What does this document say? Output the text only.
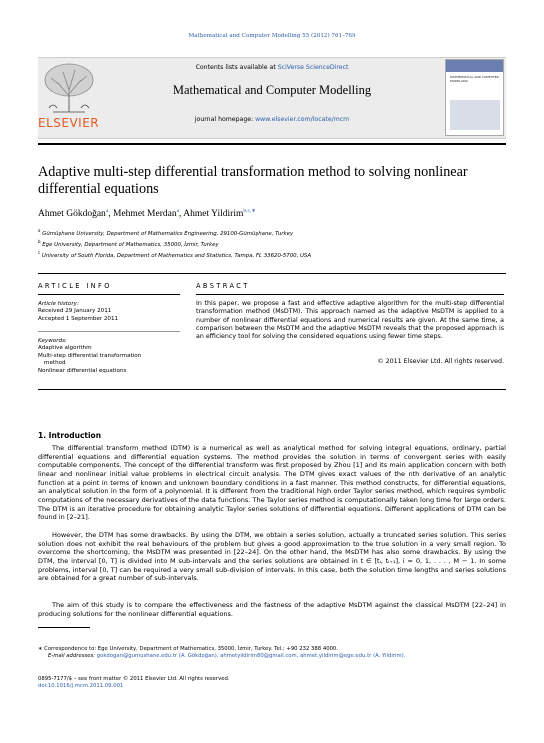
Mathematical and Computer Modelling 55 (2012) 761–769
ELSEVIER
Contents lists available at SciVerse ScienceDirect
Mathematical and Computer Modelling
journal homepage: www.elsevier.com/locate/mcm
MATHEMATICAL AND COMPUTER MODELLING
Adaptive multi-step differential transformation method to solving nonlinear differential equations
Ahmet Gökdoğan$^a$, Mehmet Merdan$^a$, Ahmet Yildirim$^{b,c,∗}$
$^a$ Gümüşhane University, Department of Mathematics Engineering, 29100-Gümüşhane, Turkey
$^b$ Ege University, Department of Mathematics, 35000, İzmir, Turkey
$^c$ University of South Florida, Department of Mathematics and Statistics, Tampa, FL 33620-5700, USA
ARTICLE INFO	ABSTRACT
Article history:
Received 29 January 2011
Accepted 1 September 2011
Keywords:
Adaptive algorithm
Multi-step differential transformation
method
Nonlinear differential equations
In this paper, we propose a fast and effective adaptive algorithm for the multi-step differential transformation method (MsDTM). This approach named as the adaptive MsDTM is applied to a number of nonlinear differential equations and numerical results are given. At the same time, a comparison between the MsDTM and the adaptive MsDTM reveals that the proposed approach is an efficiency tool for solving the considered equations using fewer time steps.
© 2011 Elsevier Ltd. All rights reserved.
1. Introduction
The differential transform method (DTM) is a numerical as well as analytical method for solving integral equations, ordinary, partial differential equations and differential equation systems. The method provides the solution in terms of convergent series with easily computable components. The concept of the differential transform was first proposed by Zhou [1] and its main application concern with both linear and nonlinear initial value problems in electrical circuit analysis. The DTM gives exact values of the nth derivative of an analytic function at a point in terms of known and unknown boundary conditions in a fast manner. This method constructs, for differential equations, an analytical solution in the form of a polynomial. It is different from the traditional high order Taylor series method, which requires symbolic computations of the necessary derivatives of the data functions. The Taylor series method is computationally taken long time for large orders. The DTM is an iterative procedure for obtaining analytic Taylor series solutions of differential equations. Different applications of DTM can be found in [2–21].
However, the DTM has some drawbacks. By using the DTM, we obtain a series solution, actually a truncated series solution. This series solution does not exhibit the real behaviours of the problem but gives a good approximation to the true solution in a very small region. To overcome the shortcoming, the MsDTM was presented in [22–24]. On the other hand, the MsDTM has also some drawbacks. By using the DTM, the interval [0, T] is divided into M sub-intervals and the series solutions are obtained in t ∈ [tᵢ, tᵢ₊₁], i = 0, 1, . . . , M − 1. In some problems, interval [0, T] can be required a very small sub-division of intervals. In this case, both the solution time lengths and series solutions are obtained for a great number of sub-intervals.
The aim of this study is to compare the effectiveness and the fastness of the adaptive MsDTM against the classical MsDTM [22–24] in producing solutions for the nonlinear differential equations.
∗ Correspondence to: Ege University, Department of Mathematics, 35000, İzmir, Turkey. Tel.: +90 232 388 4000.
E-mail addresses: gokdogan@gumushane.edu.tr (A. Gökdoğan), ahmetyildirim80@gmail.com, ahmet.yildirim@ege.edu.tr (A. Yildirim).
0895-7177/$ – see front matter © 2011 Elsevier Ltd. All rights reserved.
doi:10.1016/j.mcm.2011.09.001
